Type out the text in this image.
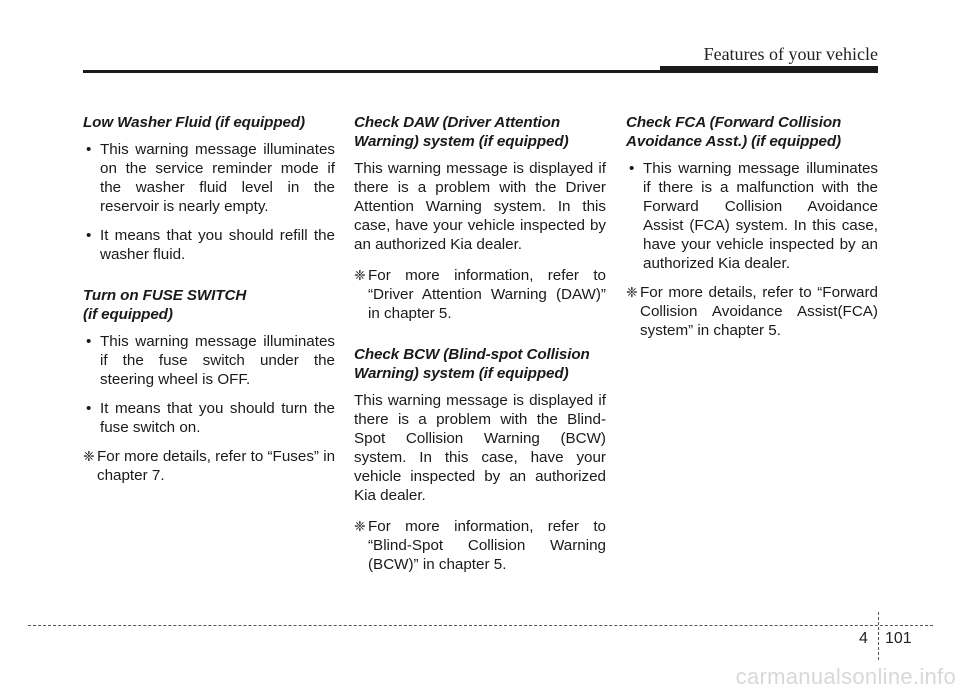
Features of your vehicle
Low Washer Fluid (if equipped)
• This warning message illuminates on the service reminder mode if the washer fluid level in the reservoir is nearly empty.
• It means that you should refill the washer fluid.
Turn on FUSE SWITCH
(if equipped)
• This warning message illuminates if the fuse switch under the steering wheel is OFF.
• It means that you should turn the fuse switch on.
❈ For more details, refer to “Fuses” in chapter 7.
Check DAW (Driver Attention
Warning) system (if equipped)
This warning message is displayed if there is a problem with the Driver Attention Warning system. In this case, have your vehicle inspected by an authorized Kia dealer.
❈ For more information, refer to “Driver Attention Warning (DAW)” in chapter 5.
Check BCW (Blind-spot Collision
Warning) system (if equipped)
This warning message is displayed if there is a problem with the Blind-Spot Collision Warning (BCW) system. In this case, have your vehicle inspected by an authorized Kia dealer.
❈ For more information, refer to “Blind-Spot Collision Warning (BCW)” in chapter 5.
Check FCA (Forward Collision
Avoidance Asst.) (if equipped)
• This warning message illuminates if there is a malfunction with the Forward Collision Avoidance Assist (FCA) system. In this case, have your vehicle inspected by an authorized Kia dealer.
❈ For more details, refer to “Forward Collision Avoidance Assist(FCA) system” in chapter 5.
4 101
carmanualsonline.info
